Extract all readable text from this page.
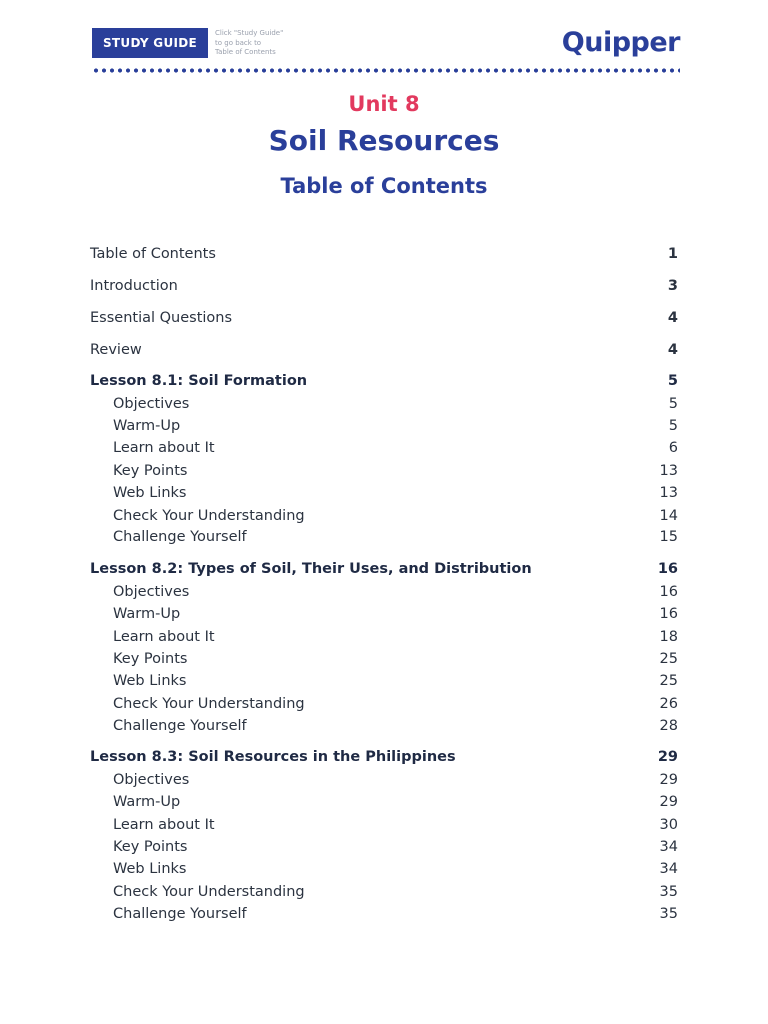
STUDY GUIDE
Click "Study Guide"
to go back to
Table of Contents	Quipper
Unit 8
Soil Resources
Table of Contents
Table of Contents	1
Introduction	3
Essential Questions	4
Review	4
Lesson 8.1: Soil Formation	5
Objectives	5
Warm-Up	5
Learn about It	6
Key Points	13
Web Links	13
Check Your Understanding	14
Challenge Yourself	15
Lesson 8.2: Types of Soil, Their Uses, and Distribution	16
Objectives	16
Warm-Up	16
Learn about It	18
Key Points	25
Web Links	25
Check Your Understanding	26
Challenge Yourself	28
Lesson 8.3: Soil Resources in the Philippines	29
Objectives	29
Warm-Up	29
Learn about It	30
Key Points	34
Web Links	34
Check Your Understanding	35
Challenge Yourself	35
